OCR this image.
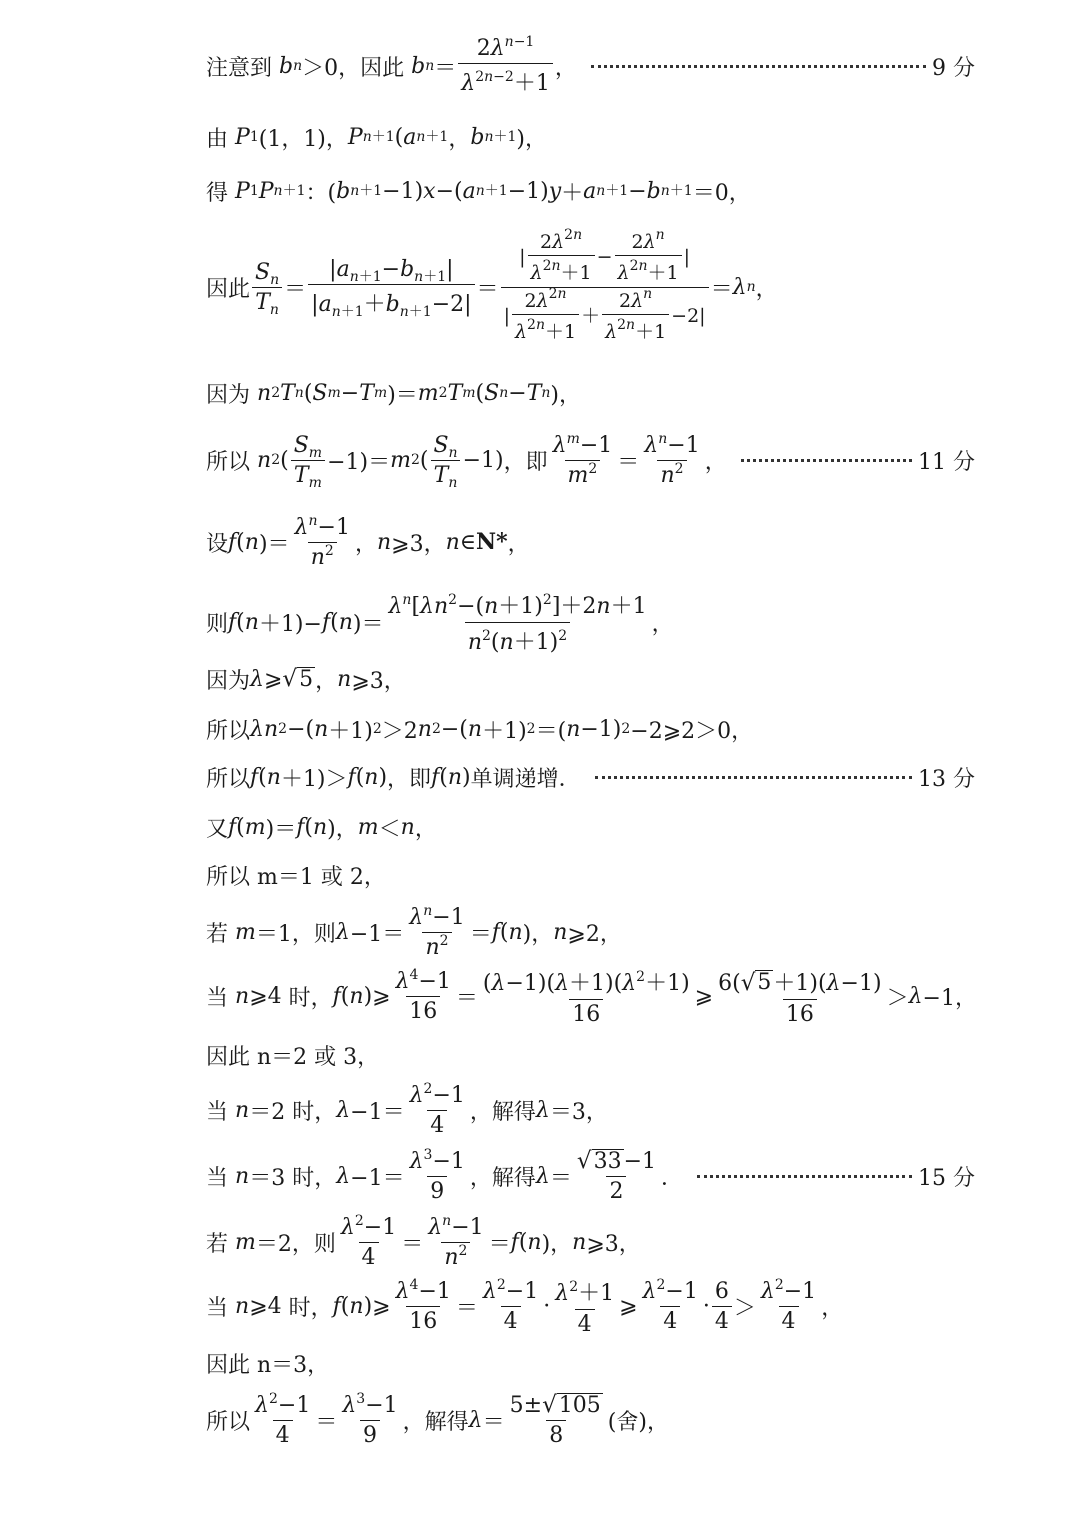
注意到 b n ＞0 ，因此 b $n = \frac{2\lambda^{n-1}}{\lambda^{2n-2}+1}$ ，	9 分
由 P 1 (1，1)， P n＋1 ( a n＋1 ， b n＋1 )，
得 P 1 P n＋1 ：( b n＋1 −1) x −( a n＋1 −1) y ＋ a n＋1 − b n＋1 ＝0，
因此 $\frac{S_n}{T_n} = \frac{|a_{n+1}-b_{n+1}|}{|a_{n+1}+b_{n+1}-2|} = \frac{| \frac{2\lambda^{2n}}{\lambda^{2n}+1} - \frac{2\lambda^n}{\lambda^{2n}+1} |}{| \frac{2\lambda^{2n}}{\lambda^{2n}+1} + \frac{2\lambda^n}{\lambda^{2n}+1} -2|} = \lambda$ n ，
因为 n 2 T n ( S m − T m )＝ m 2 T m ( S n − T n )，
所以 n 2 ( $\frac{S_m}{T_m} -1)= m$ 2 ( $\frac{S_n}{T_n} -1$) ，即 $\frac{\lambda^m-1}{m^2} = \frac{\lambda^n-1}{n^2}$ ，	11 分
设 f ( n )＝ $\frac{\lambda^n-1}{n^2}$ ， n ⩾3， n ∈ N* ，
则 f ( n ＋1)− f ( n )＝ $\frac{\lambda^n[\lambda n^2-(n+1)^2]+2n+1}{n^2(n+1)^2}$ ，
因为 λ ⩾ √ 5 ， n ⩾3，
所以 λn 2 −( n ＋1) 2 ＞2 n 2 −( n ＋1) 2 ＝( n −1) 2 −2⩾2＞0，
所以 f ( n ＋1)＞ f ( n ) ，即 f ( n ) 单调递增．	13 分
又 f ( m )＝ f ( n )， m ＜ n ，
所以 m＝1 或 2，
若 m ＝1 ，则 $\lambda -1= \frac{\lambda^n-1}{n^2} = f$ ( n )， n ⩾2，
当 n ⩾4 时， f ( n )⩾ $\frac{\lambda^4-1}{16} = \frac{(\lambda-1)(\lambda+1)(\lambda^2+1)}{16}$ ⩾ $\frac{6( √ 5 +1)(\lambda-1)}{16} > \lambda -1$，
因此 n＝2 或 3，
当 n ＝2 时， $\lambda -1= \frac{\lambda^2-1}{4}$ ，解得 λ ＝3，
当 n ＝3 时， $\lambda -1= \frac{\lambda^3-1}{9}$ ，解得 $\lambda = \frac{√ 33 -1}{2}$ ．	15 分
若 m ＝2 ，则 $\frac{\lambda^2-1}{4} = \frac{\lambda^n-1}{n^2} = f$ ( n )， n ⩾3，
当 n ⩾4 时， f ( n )⩾ $\frac{\lambda^4-1}{16} = \frac{\lambda^2-1}{4} \cdot \frac{\lambda^2+1}{4}$ ⩾ $\frac{\lambda^2-1}{4} \cdot \frac{6}{4} > \frac{\lambda^2-1}{4}$ ，
因此 n＝3，
所以 $\frac{\lambda^2-1}{4} = \frac{\lambda^3-1}{9}$ ，解得 $\lambda = \frac{5\pm √ 105}{8}$ (舍)，
